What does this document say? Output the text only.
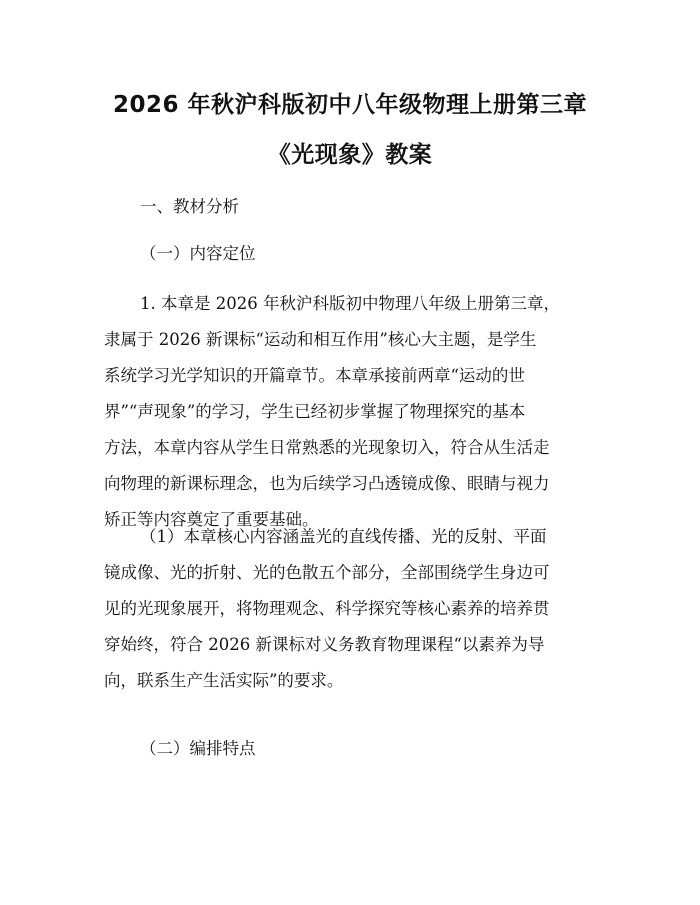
2026 年秋沪科版初中八年级物理上册第三章
《光现象》教案
一、教材分析
（一）内容定位
1. 本章是 2026 年秋沪科版初中物理八年级上册第三章，
隶属于 2026 新课标“运动和相互作用”核心大主题，是学生
系统学习光学知识的开篇章节。本章承接前两章“运动的世
界”“声现象”的学习，学生已经初步掌握了物理探究的基本
方法，本章内容从学生日常熟悉的光现象切入，符合从生活走
向物理的新课标理念，也为后续学习凸透镜成像、眼睛与视力
矫正等内容奠定了重要基础。
（1）本章核心内容涵盖光的直线传播、光的反射、平面
镜成像、光的折射、光的色散五个部分，全部围绕学生身边可
见的光现象展开，将物理观念、科学探究等核心素养的培养贯
穿始终，符合 2026 新课标对义务教育物理课程“以素养为导
向，联系生产生活实际”的要求。
（二）编排特点
